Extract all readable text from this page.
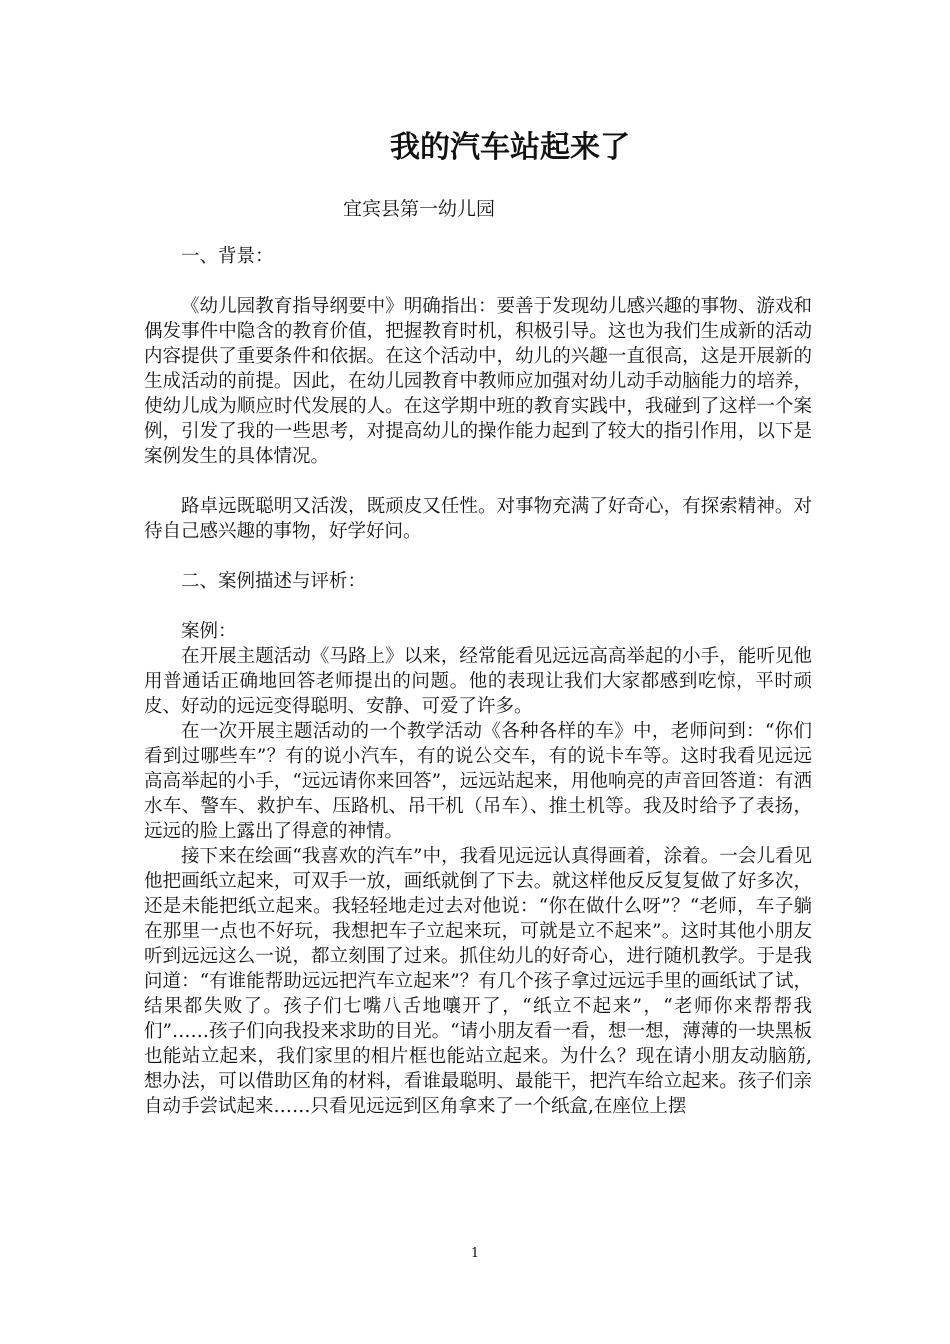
我的汽车站起来了
宜宾县第一幼儿园

一、背景：

《幼儿园教育指导纲要中》明确指出：要善于发现幼儿感兴趣的事物、游戏和偶发事件中隐含的教育价值，把握教育时机，积极引导。这也为我们生成新的活动内容提供了重要条件和依据。在这个活动中，幼儿的兴趣一直很高，这是开展新的生成活动的前提。因此，在幼儿园教育中教师应加强对幼儿动手动脑能力的培养，使幼儿成为顺应时代发展的人。在这学期中班的教育实践中，我碰到了这样一个案例，引发了我的一些思考，对提高幼儿的操作能力起到了较大的指引作用，以下是案例发生的具体情况。

路卓远既聪明又活泼，既顽皮又任性。对事物充满了好奇心，有探索精神。对待自己感兴趣的事物，好学好问。

二、案例描述与评析：

案例：

在开展主题活动《马路上》以来，经常能看见远远高高举起的小手，能听见他用普通话正确地回答老师提出的问题。他的表现让我们大家都感到吃惊，平时顽皮、好动的远远变得聪明、安静、可爱了许多。

在一次开展主题活动的一个教学活动《各种各样的车》中，老师问到：“你们看到过哪些车”？有的说小汽车，有的说公交车，有的说卡车等。这时我看见远远高高举起的小手，“远远请你来回答”，远远站起来，用他响亮的声音回答道：有洒水车、警车、救护车、压路机、吊干机（吊车）、推土机等。我及时给予了表扬，远远的脸上露出了得意的神情。

接下来在绘画“我喜欢的汽车”中，我看见远远认真得画着，涂着。一会儿看见他把画纸立起来，可双手一放，画纸就倒了下去。就这样他反反复复做了好多次，还是未能把纸立起来。我轻轻地走过去对他说：“你在做什么呀”？“老师，车子躺在那里一点也不好玩，我想把车子立起来玩，可就是立不起来”。这时其他小朋友听到远远这么一说，都立刻围了过来。抓住幼儿的好奇心，进行随机教学。于是我问道：“有谁能帮助远远把汽车立起来”？有几个孩子拿过远远手里的画纸试了试，结果都失败了。孩子们七嘴八舌地嚷开了，“纸立不起来”，“老师你来帮帮我们”……孩子们向我投来求助的目光。“请小朋友看一看，想一想，薄薄的一块黑板也能站立起来，我们家里的相片框也能站立起来。为什么？现在请小朋友动脑筋,想办法，可以借助区角的材料，看谁最聪明、最能干，把汽车给立起来。孩子们亲自动手尝试起来……只看见远远到区角拿来了一个纸盒,在座位上摆

1
